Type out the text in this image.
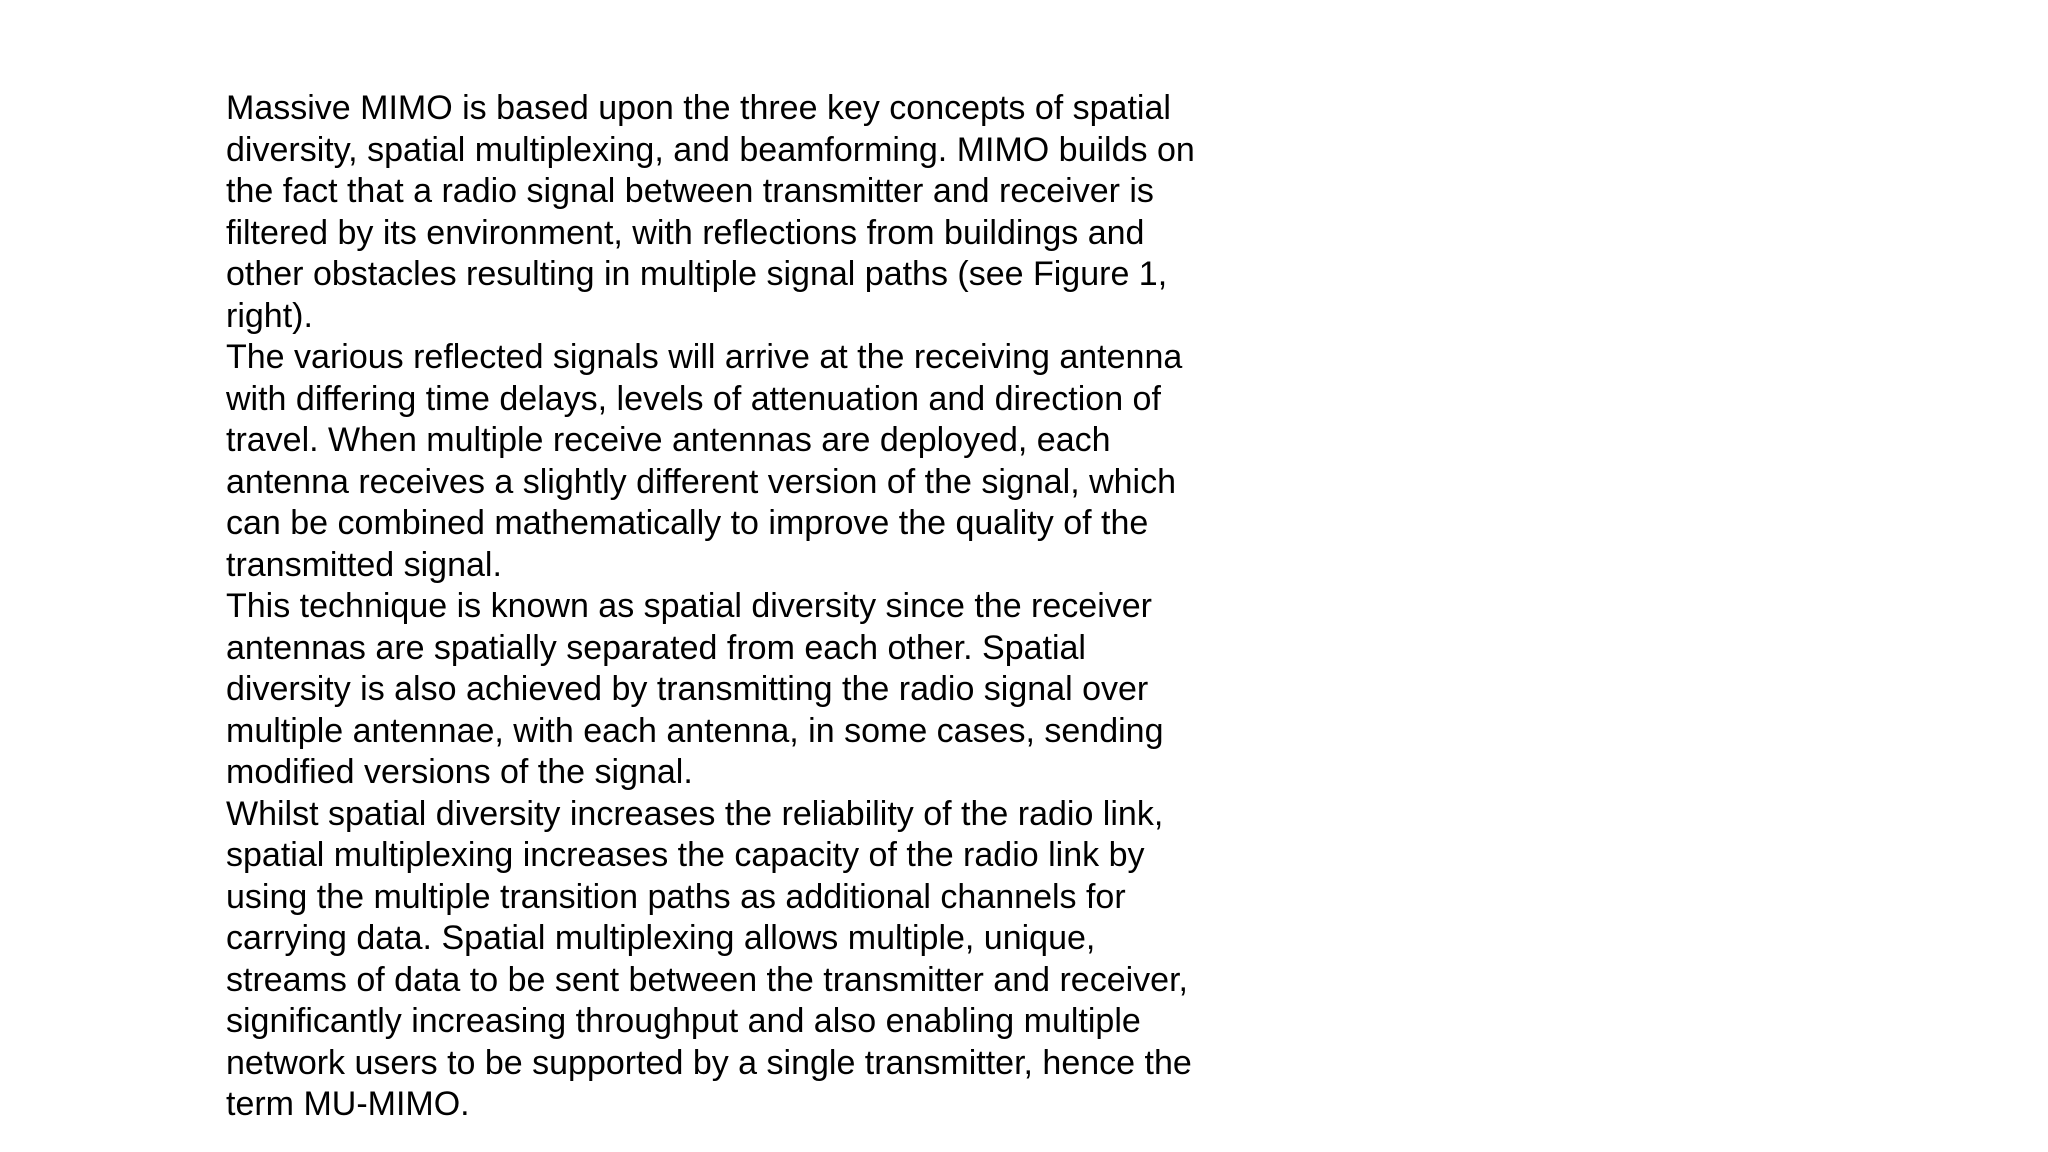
Massive MIMO is based upon the three key concepts of spatial
diversity, spatial multiplexing, and beamforming. MIMO builds on
the fact that a radio signal between transmitter and receiver is
filtered by its environment, with reflections from buildings and
other obstacles resulting in multiple signal paths (see Figure 1,
right).
The various reflected signals will arrive at the receiving antenna
with differing time delays, levels of attenuation and direction of
travel. When multiple receive antennas are deployed, each
antenna receives a slightly different version of the signal, which
can be combined mathematically to improve the quality of the
transmitted signal.
This technique is known as spatial diversity since the receiver
antennas are spatially separated from each other. Spatial
diversity is also achieved by transmitting the radio signal over
multiple antennae, with each antenna, in some cases, sending
modified versions of the signal.
Whilst spatial diversity increases the reliability of the radio link,
spatial multiplexing increases the capacity of the radio link by
using the multiple transition paths as additional channels for
carrying data. Spatial multiplexing allows multiple, unique,
streams of data to be sent between the transmitter and receiver,
significantly increasing throughput and also enabling multiple
network users to be supported by a single transmitter, hence the
term MU-MIMO.
